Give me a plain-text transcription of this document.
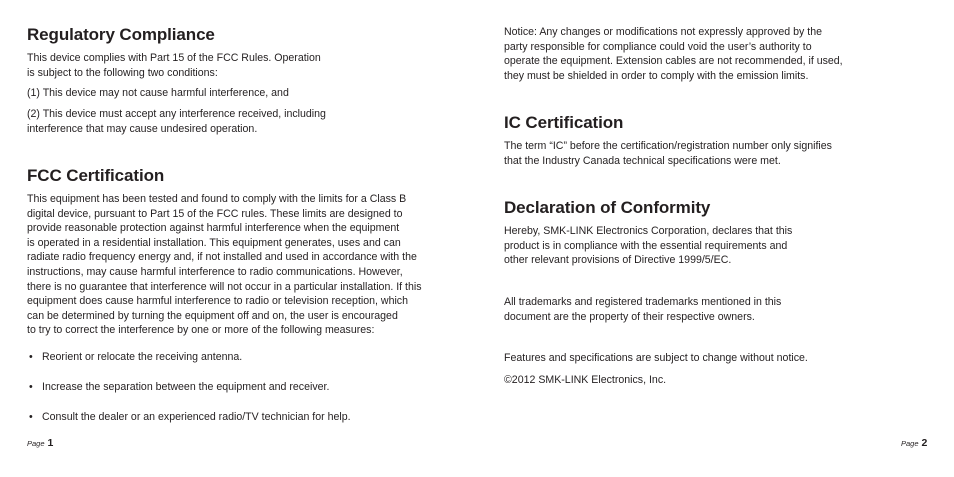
Regulatory Compliance

This device complies with Part 15 of the FCC Rules. Operation
is subject to the following two conditions:

(1) This device may not cause harmful interference, and

(2) This device must accept any interference received, including
interference that may cause undesired operation.

FCC Certification

This equipment has been tested and found to comply with the limits for a Class B
digital device, pursuant to Part 15 of the FCC rules. These limits are designed to
provide reasonable protection against harmful interference when the equipment
is operated in a residential installation. This equipment generates, uses and can
radiate radio frequency energy and, if not installed and used in accordance with the
instructions, may cause harmful interference to radio communications. However,
there is no guarantee that interference will not occur in a particular installation. If this
equipment does cause harmful interference to radio or television reception, which
can be determined by turning the equipment off and on, the user is encouraged
to try to correct the interference by one or more of the following measures:

• Reorient or relocate the receiving antenna.
• Increase the separation between the equipment and receiver.
• Consult the dealer or an experienced radio/TV technician for help.
Page 1

Notice: Any changes or modifications not expressly approved by the
party responsible for compliance could void the user’s authority to
operate the equipment. Extension cables are not recommended, if used,
they must be shielded in order to comply with the emission limits.

IC Certification

The term “IC” before the certification/registration number only signifies
that the Industry Canada technical specifications were met.

Declaration of Conformity

Hereby, SMK-LINK Electronics Corporation, declares that this
product is in compliance with the essential requirements and
other relevant provisions of Directive 1999/5/EC.

All trademarks and registered trademarks mentioned in this
document are the property of their respective owners.

Features and specifications are subject to change without notice.

©2012 SMK-LINK Electronics, Inc.

Page 2
